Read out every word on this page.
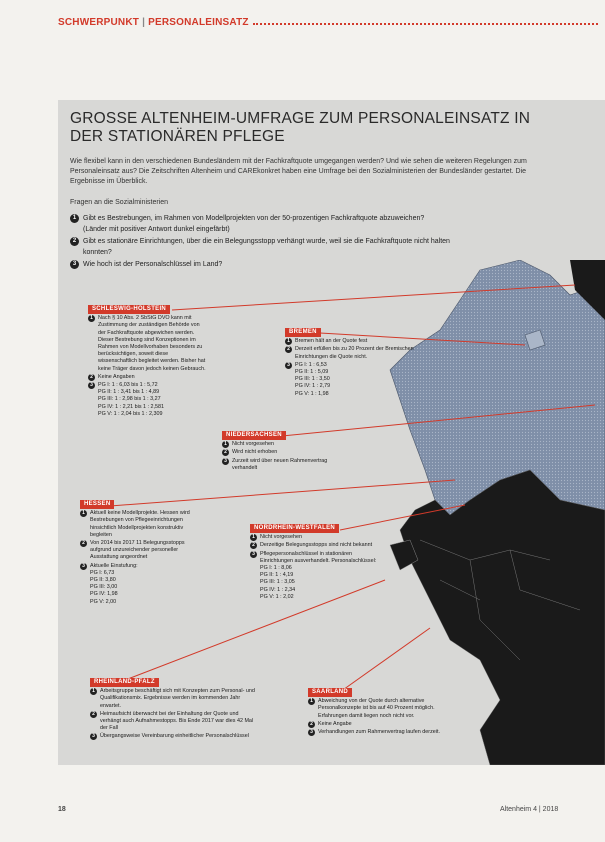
SCHWERPUNKT | PERSONALEINSATZ
GROSSE ALTENHEIM-UMFRAGE ZUM PERSONALEINSATZ IN DER STATIONÄREN PFLEGE
Wie flexibel kann in den verschiedenen Bundesländern mit der Fachkraftquote umgegangen werden? Und wie sehen die weiteren Regelungen zum Personaleinsatz aus? Die Zeitschriften Altenheim und CAREkonkret haben eine Umfrage bei den Sozialministerien der Bundesländer gestartet. Die Ergebnisse im Überblick.
Fragen an die Sozialministerien
1 Gibt es Bestrebungen, im Rahmen von Modellprojekten von der 50-prozentigen Fachkraftquote abzuweichen? (Länder mit positiver Antwort dunkel eingefärbt)
2 Gibt es stationäre Einrichtungen, über die ein Belegungsstopp verhängt wurde, weil sie die Fachkraftquote nicht halten konnten?
3 Wie hoch ist der Personalschlüssel im Land?
SCHLESWIG-HOLSTEIN
1 Nach § 10 Abs. 2 SbStG DVO kann mit Zustimmung der zuständigen Behörde von der Fachkraftquote abgewichen werden. Dieser Bestrebung sind Konzeptionen im Rahmen von Modellvorhaben besonders zu berücksichtigen, soweit diese wissenschaftlich begleitet werden. Bisher hat keine Träger davon jedoch keinen Gebrauch.
2 Keine Angaben
3 PG I: 1 : 6,03 bis 1 : 5,72
PG II: 1 : 3,41 bis 1 : 4,89
PG III: 1 : 2,98 bis 1 : 3,27
PG IV: 1 : 2,21 bis 1 : 2,581
PG V: 1 : 2,04 bis 1 : 2,309
BREMEN
1 Bremen hält an der Quote fest
2 Derzeit erfüllen bis zu 20 Prozent der Bremischen Einrichtungen die Quote nicht.
3 PG I: 1 : 6,53
PG II: 1 : 5,09
PG III: 1 : 3,50
PG IV: 1 : 2,79
PG V: 1 : 1,98
NIEDERSACHSEN
1 Nicht vorgesehen
2 Wird nicht erhoben
3 Zurzeit wird über neuen Rahmenvertrag verhandelt
HESSEN
1 Aktuell keine Modellprojekte. Hessen wird Bestrebungen von Pflegeeinrichtungen hinsichtlich Modellprojekten konstruktiv begleiten
2 Von 2014 bis 2017 11 Belegungsstopps aufgrund unzureichender personeller Ausstattung angeordnet
3 Aktuelle Einstufung:
PG I: 6,73
PG II: 3,80
PG III: 3,00
PG IV: 1,98
PG V: 2,00
NORDRHEIN-WESTFALEN
1 Nicht vorgesehen
2 Derzeitige Belegungsstopps sind nicht bekannt
3 Pflegepersonalschlüssel in stationären Einrichtungen ausverhandelt. Personalschlüssel:
PG I: 1 : 8,06
PG II: 1 : 4,19
PG III: 1 : 3,05
PG IV: 1 : 2,34
PG V: 1 : 2,02
RHEINLAND-PFALZ
1 Arbeitsgruppe beschäftigt sich mit Konzepten zum Personal- und Qualifikationsmix. Ergebnisse werden im kommenden Jahr erwartet.
2 Heimaufsicht überwacht bei der Einhaltung der Quote und verhängt auch Aufnahmestopps. Bis Ende 2017 war dies 42 Mal der Fall
3 Übergangsweise Vereinbarung einheitlicher Personalschlüssel
SAARLAND
1 Abweichung von der Quote durch alternative Personalkonzepte ist bis auf 40 Prozent möglich. Erfahrungen damit liegen noch nicht vor.
2 Keine Angabe
3 Verhandlungen zum Rahmenvertrag laufen derzeit.
18	Altenheim 4 | 2018
